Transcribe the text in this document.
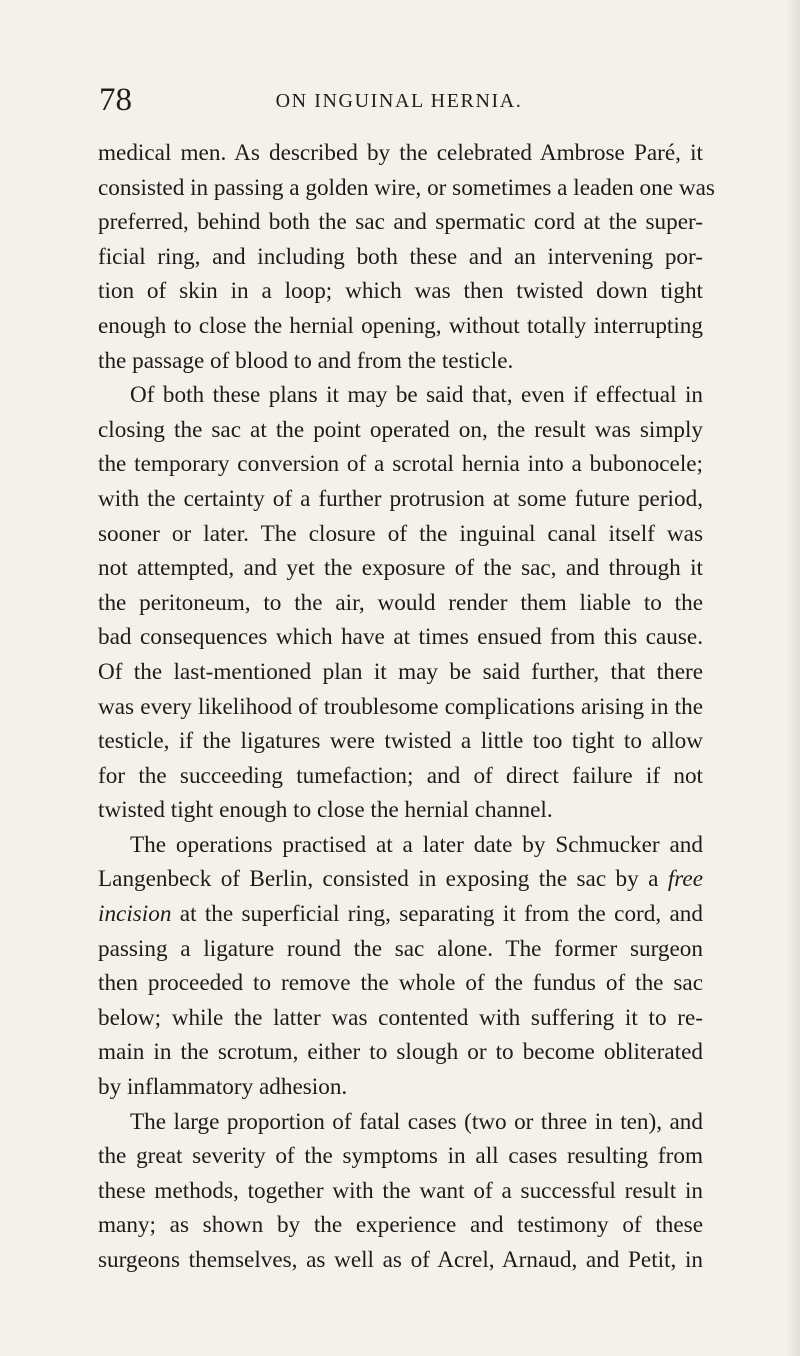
78	ON INGUINAL HERNIA.
medical men. As described by the celebrated Ambrose Paré, it
consisted in passing a golden wire, or sometimes a leaden one was
preferred, behind both the sac and spermatic cord at the super-
ficial ring, and including both these and an intervening por-
tion of skin in a loop; which was then twisted down tight
enough to close the hernial opening, without totally interrupting
the passage of blood to and from the testicle.
Of both these plans it may be said that, even if effectual in
closing the sac at the point operated on, the result was simply
the temporary conversion of a scrotal hernia into a bubonocele;
with the certainty of a further protrusion at some future period,
sooner or later. The closure of the inguinal canal itself was
not attempted, and yet the exposure of the sac, and through it
the peritoneum, to the air, would render them liable to the
bad consequences which have at times ensued from this cause.
Of the last-mentioned plan it may be said further, that there
was every likelihood of troublesome complications arising in the
testicle, if the ligatures were twisted a little too tight to allow
for the succeeding tumefaction; and of direct failure if not
twisted tight enough to close the hernial channel.
The operations practised at a later date by Schmucker and
Langenbeck of Berlin, consisted in exposing the sac by a free
incision at the superficial ring, separating it from the cord, and
passing a ligature round the sac alone. The former surgeon
then proceeded to remove the whole of the fundus of the sac
below; while the latter was contented with suffering it to re-
main in the scrotum, either to slough or to become obliterated
by inflammatory adhesion.
The large proportion of fatal cases (two or three in ten), and
the great severity of the symptoms in all cases resulting from
these methods, together with the want of a successful result in
many; as shown by the experience and testimony of these
surgeons themselves, as well as of Acrel, Arnaud, and Petit, in
